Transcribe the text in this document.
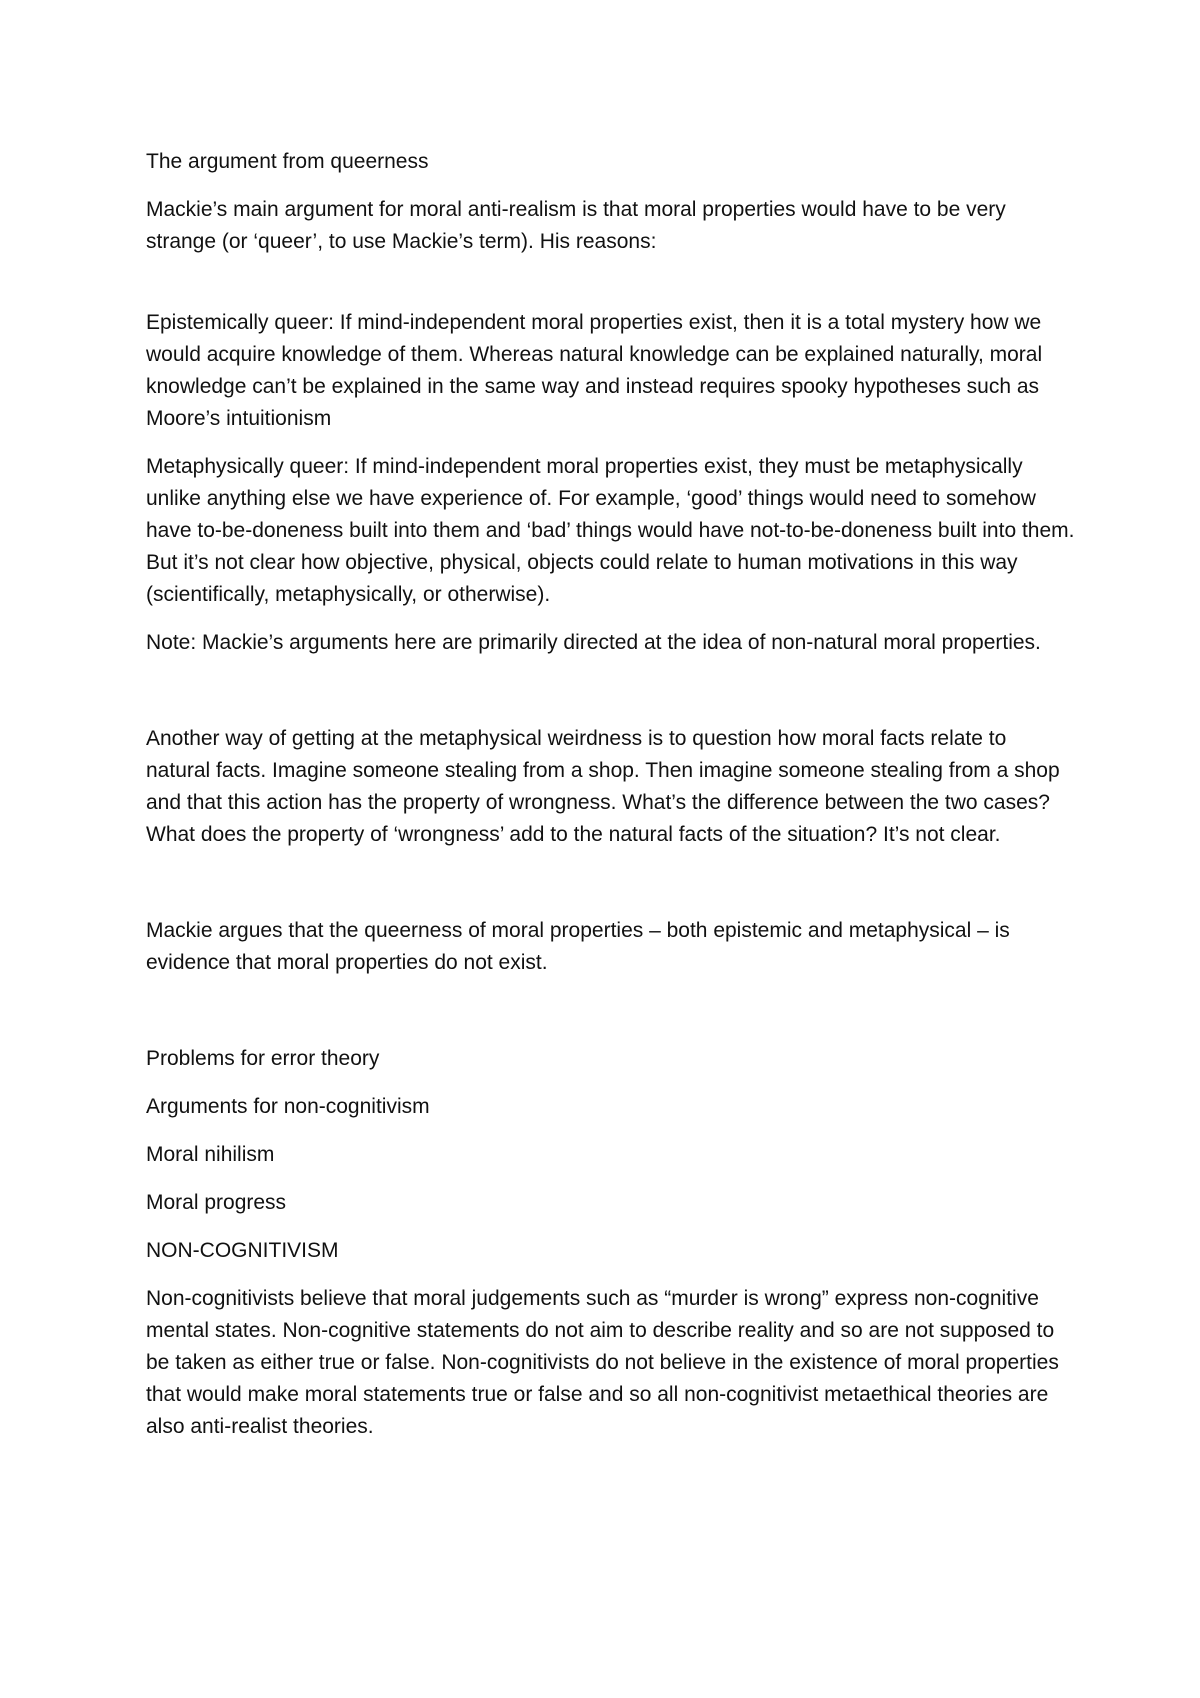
The argument from queerness

Mackie’s main argument for moral anti-realism is that moral properties would have to be very strange (or ‘queer’, to use Mackie’s term). His reasons:

Epistemically queer: If mind-independent moral properties exist, then it is a total mystery how we would acquire knowledge of them. Whereas natural knowledge can be explained naturally, moral knowledge can’t be explained in the same way and instead requires spooky hypotheses such as Moore’s intuitionism

Metaphysically queer: If mind-independent moral properties exist, they must be metaphysically unlike anything else we have experience of. For example, ‘good’ things would need to somehow have to-be-doneness built into them and ‘bad’ things would have not-to-be-doneness built into them. But it’s not clear how objective, physical, objects could relate to human motivations in this way (scientifically, metaphysically, or otherwise).

Note: Mackie’s arguments here are primarily directed at the idea of non-natural moral properties.

Another way of getting at the metaphysical weirdness is to question how moral facts relate to natural facts. Imagine someone stealing from a shop. Then imagine someone stealing from a shop and that this action has the property of wrongness. What’s the difference between the two cases? What does the property of ‘wrongness’ add to the natural facts of the situation? It’s not clear.

Mackie argues that the queerness of moral properties – both epistemic and metaphysical – is evidence that moral properties do not exist.

Problems for error theory

Arguments for non-cognitivism

Moral nihilism

Moral progress

NON-COGNITIVISM

Non-cognitivists believe that moral judgements such as “murder is wrong” express non-cognitive mental states. Non-cognitive statements do not aim to describe reality and so are not supposed to be taken as either true or false. Non-cognitivists do not believe in the existence of moral properties that would make moral statements true or false and so all non-cognitivist metaethical theories are also anti-realist theories.
